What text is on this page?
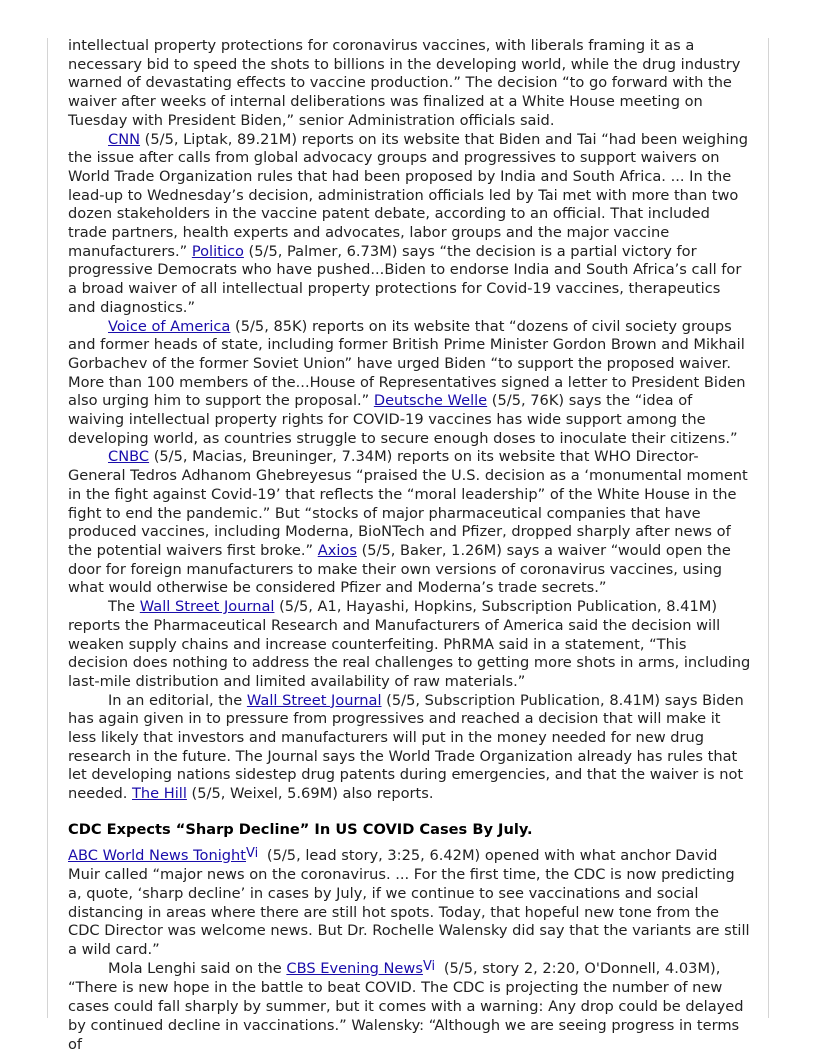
intellectual property protections for coronavirus vaccines, with liberals framing it as a necessary bid to speed the shots to billions in the developing world, while the drug industry warned of devastating effects to vaccine production.” The decision “to go forward with the waiver after weeks of internal deliberations was finalized at a White House meeting on Tuesday with President Biden,” senior Administration officials said.

CNN (5/5, Liptak, 89.21M) reports on its website that Biden and Tai “had been weighing the issue after calls from global advocacy groups and progressives to support waivers on World Trade Organization rules that had been proposed by India and South Africa. ... In the lead-up to Wednesday’s decision, administration officials led by Tai met with more than two dozen stakeholders in the vaccine patent debate, according to an official. That included trade partners, health experts and advocates, labor groups and the major vaccine manufacturers.” Politico (5/5, Palmer, 6.73M) says “the decision is a partial victory for progressive Democrats who have pushed...Biden to endorse India and South Africa’s call for a broad waiver of all intellectual property protections for Covid-19 vaccines, therapeutics and diagnostics.”

Voice of America (5/5, 85K) reports on its website that “dozens of civil society groups and former heads of state, including former British Prime Minister Gordon Brown and Mikhail Gorbachev of the former Soviet Union” have urged Biden “to support the proposed waiver. More than 100 members of the...House of Representatives signed a letter to President Biden also urging him to support the proposal.” Deutsche Welle (5/5, 76K) says the “idea of waiving intellectual property rights for COVID-19 vaccines has wide support among the developing world, as countries struggle to secure enough doses to inoculate their citizens.”

CNBC (5/5, Macias, Breuninger, 7.34M) reports on its website that WHO Director-General Tedros Adhanom Ghebreyesus “praised the U.S. decision as a ‘monumental moment in the fight against Covid-19’ that reflects the “moral leadership” of the White House in the fight to end the pandemic.” But “stocks of major pharmaceutical companies that have produced vaccines, including Moderna, BioNTech and Pfizer, dropped sharply after news of the potential waivers first broke.” Axios (5/5, Baker, 1.26M) says a waiver “would open the door for foreign manufacturers to make their own versions of coronavirus vaccines, using what would otherwise be considered Pfizer and Moderna’s trade secrets.”

The Wall Street Journal (5/5, A1, Hayashi, Hopkins, Subscription Publication, 8.41M) reports the Pharmaceutical Research and Manufacturers of America said the decision will weaken supply chains and increase counterfeiting. PhRMA said in a statement, “This decision does nothing to address the real challenges to getting more shots in arms, including last-mile distribution and limited availability of raw materials.”

In an editorial, the Wall Street Journal (5/5, Subscription Publication, 8.41M) says Biden has again given in to pressure from progressives and reached a decision that will make it less likely that investors and manufacturers will put in the money needed for new drug research in the future. The Journal says the World Trade Organization already has rules that let developing nations sidestep drug patents during emergencies, and that the waiver is not needed. The Hill (5/5, Weixel, 5.69M) also reports.

CDC Expects “Sharp Decline” In US COVID Cases By July.

ABC World News TonightVi (5/5, lead story, 3:25, 6.42M) opened with what anchor David Muir called “major news on the coronavirus. ... For the first time, the CDC is now predicting a, quote, ‘sharp decline’ in cases by July, if we continue to see vaccinations and social distancing in areas where there are still hot spots. Today, that hopeful new tone from the CDC Director was welcome news. But Dr. Rochelle Walensky did say that the variants are still a wild card.”

Mola Lenghi said on the CBS Evening NewsVi (5/5, story 2, 2:20, O'Donnell, 4.03M), “There is new hope in the battle to beat COVID. The CDC is projecting the number of new cases could fall sharply by summer, but it comes with a warning: Any drop could be delayed by continued decline in vaccinations.” Walensky: “Although we are seeing progress in terms of
